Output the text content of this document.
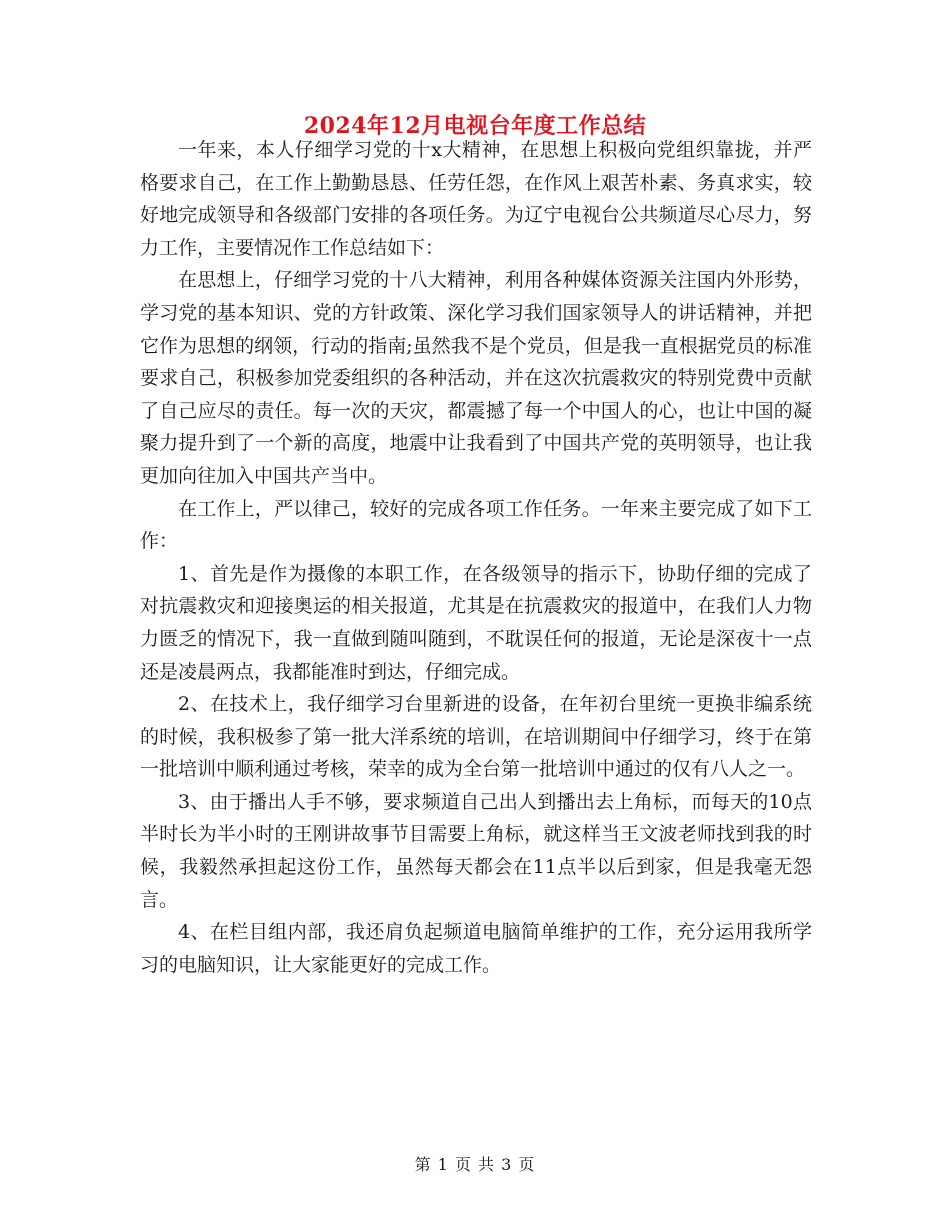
2024年12月电视台年度工作总结

一年来，本人仔细学习党的十x大精神，在思想上积极向党组织靠拢，并严格要求自己，在工作上勤勤恳恳、任劳任怨，在作风上艰苦朴素、务真求实，较好地完成领导和各级部门安排的各项任务。为辽宁电视台公共频道尽心尽力，努力工作，主要情况作工作总结如下：

在思想上，仔细学习党的十八大精神，利用各种媒体资源关注国内外形势，学习党的基本知识、党的方针政策、深化学习我们国家领导人的讲话精神，并把它作为思想的纲领，行动的指南;虽然我不是个党员，但是我一直根据党员的标准要求自己，积极参加党委组织的各种活动，并在这次抗震救灾的特别党费中贡献了自己应尽的责任。每一次的天灾，都震撼了每一个中国人的心，也让中国的凝聚力提升到了一个新的高度，地震中让我看到了中国共产党的英明领导，也让我更加向往加入中国共产当中。

在工作上，严以律己，较好的完成各项工作任务。一年来主要完成了如下工作：

1、首先是作为摄像的本职工作，在各级领导的指示下，协助仔细的完成了对抗震救灾和迎接奥运的相关报道，尤其是在抗震救灾的报道中，在我们人力物力匮乏的情况下，我一直做到随叫随到，不耽误任何的报道，无论是深夜十一点还是凌晨两点，我都能准时到达，仔细完成。

2、在技术上，我仔细学习台里新进的设备，在年初台里统一更换非编系统的时候，我积极参了第一批大洋系统的培训，在培训期间中仔细学习，终于在第一批培训中顺利通过考核，荣幸的成为全台第一批培训中通过的仅有八人之一。

3、由于播出人手不够，要求频道自己出人到播出去上角标，而每天的10点半时长为半小时的王刚讲故事节目需要上角标，就这样当王文波老师找到我的时候，我毅然承担起这份工作，虽然每天都会在11点半以后到家，但是我毫无怨言。

4、在栏目组内部，我还肩负起频道电脑简单维护的工作，充分运用我所学习的电脑知识，让大家能更好的完成工作。

第 1 页 共 3 页
